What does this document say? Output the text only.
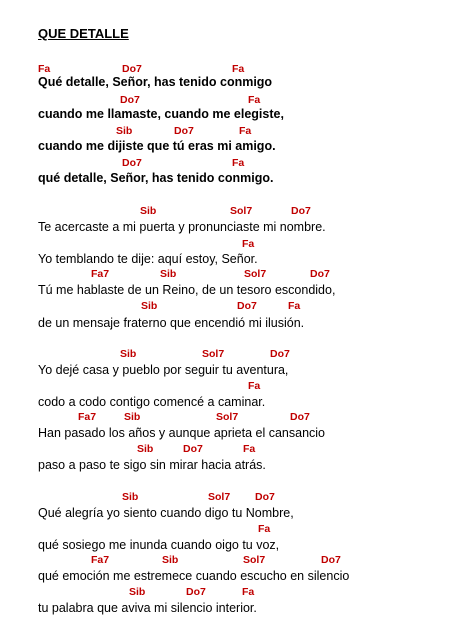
QUE DETALLE
Fa	Do7	Fa
Qué detalle, Señor, has tenido conmigo
Do7	Fa
cuando me llamaste, cuando me elegiste,
Sib	Do7	Fa
cuando me dijiste que tú eras mi amigo.
Do7	Fa
qué detalle, Señor, has tenido conmigo.
Sib	Sol7	Do7
Te acercaste a mi puerta y pronunciaste mi nombre.
Fa
Yo temblando te dije: aquí estoy, Señor.
Fa7	Sib	Sol7	Do7
Tú me hablaste de un Reino, de un tesoro escondido,
Sib	Do7	Fa
de un mensaje fraterno que encendió mi ilusión.
Sib	Sol7	Do7
Yo dejé casa y pueblo por seguir tu aventura,
Fa
codo a codo contigo comencé a caminar.
Fa7	Sib	Sol7	Do7
Han pasado los años y aunque aprieta el cansancio
Sib	Do7	Fa
paso a paso te sigo sin mirar hacia atrás.
Sib	Sol7 Do7
Qué alegría yo siento cuando digo tu Nombre,
Fa
qué sosiego me inunda cuando oigo tu voz,
Fa7	Sib	Sol7	Do7
qué emoción me estremece cuando escucho en silencio
Sib	Do7	Fa
tu palabra que aviva mi silencio interior.
